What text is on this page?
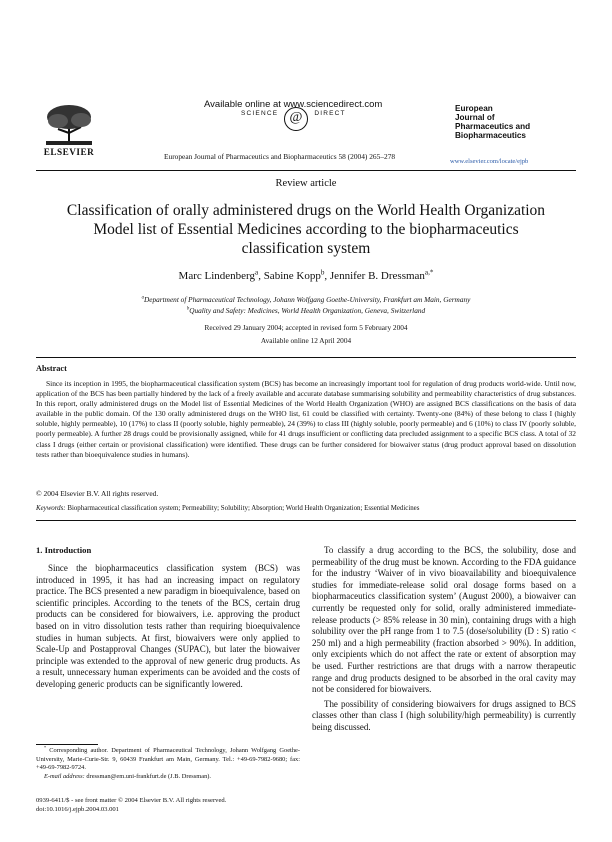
ELSEVIER
Available online at www.sciencedirect.com
SCIENCE	DIRECT
@
European Journal of Pharmaceutics and Biopharmaceutics 58 (2004) 265–278
European
Journal of
Pharmaceutics and
Biopharmaceutics
www.elsevier.com/locate/ejpb
Review article
Classification of orally administered drugs on the World Health Organization Model list of Essential Medicines according to the biopharmaceutics classification system
Marc Lindenberg$^a$, Sabine Kopp$^b$, Jennifer B. Dressman$^{a,*}$
$^a$Department of Pharmaceutical Technology, Johann Wolfgang Goethe-University, Frankfurt am Main, Germany
$^b$Quality and Safety: Medicines, World Health Organization, Geneva, Switzerland
Received 29 January 2004; accepted in revised form 5 February 2004
Available online 12 April 2004
Abstract
Since its inception in 1995, the biopharmaceutical classification system (BCS) has become an increasingly important tool for regulation of drug products world-wide. Until now, application of the BCS has been partially hindered by the lack of a freely available and accurate database summarising solubility and permeability characteristics of drug substances. In this report, orally administered drugs on the Model list of Essential Medicines of the World Health Organization (WHO) are assigned BCS classifications on the basis of data available in the public domain. Of the 130 orally administered drugs on the WHO list, 61 could be classified with certainty. Twenty-one (84%) of these belong to class I (highly soluble, highly permeable), 10 (17%) to class II (poorly soluble, highly permeable), 24 (39%) to class III (highly soluble, poorly permeable) and 6 (10%) to class IV (poorly soluble, poorly permeable). A further 28 drugs could be provisionally assigned, while for 41 drugs insufficient or conflicting data precluded assignment to a specific BCS class. A total of 32 class I drugs (either certain or provisional classification) were identified. These drugs can be further considered for biowaiver status (drug product approval based on dissolution tests rather than bioequivalence studies in humans).
© 2004 Elsevier B.V. All rights reserved.
Keywords: Biopharmaceutical classification system; Permeability; Solubility; Absorption; World Health Organization; Essential Medicines
1. Introduction

Since the biopharmaceutics classification system (BCS) was introduced in 1995, it has had an increasing impact on regulatory practice. The BCS presented a new paradigm in bioequivalence, based on scientific principles. According to the tenets of the BCS, certain drug products can be considered for biowaivers, i.e. approving the product based on in vitro dissolution tests rather than requiring bioequivalence studies in human subjects. At first, biowaivers were only applied to Scale-Up and Postapproval Changes (SUPAC), but later the biowaiver principle was extended to the approval of new generic drug products. As a result, unnecessary human experiments can be avoided and the costs of developing generic products can be significantly lowered.

To classify a drug according to the BCS, the solubility, dose and permeability of the drug must be known. According to the FDA guidance for the industry ‘Waiver of in vivo bioavailability and bioequivalence studies for immediate-release solid oral dosage forms based on a biopharmaceutics classification system’ (August 2000), a biowaiver can currently be requested only for solid, orally administered immediate-release products (> 85% release in 30 min), containing drugs with a high solubility over the pH range from 1 to 7.5 (dose/solubility (D : S) ratio < 250 ml) and a high permeability (fraction absorbed > 90%). In addition, only excipients which do not affect the rate or extent of absorption may be used. Further restrictions are that drugs with a narrow therapeutic range and drug products designed to be absorbed in the oral cavity may not be considered for biowaivers.

The possibility of considering biowaivers for drugs assigned to BCS classes other than class I (high solubility/high permeability) is currently being discussed.

* Corresponding author. Department of Pharmaceutical Technology, Johann Wolfgang Goethe-University, Marie-Curie-Str. 9, 60439 Frankfurt am Main, Germany. Tel.: +49-69-7982-9680; fax: +49-69-7982-9724.
E-mail address: dressman@em.uni-frankfurt.de (J.B. Dressman).
0939-6411/$ - see front matter © 2004 Elsevier B.V. All rights reserved.
doi:10.1016/j.ejpb.2004.03.001
